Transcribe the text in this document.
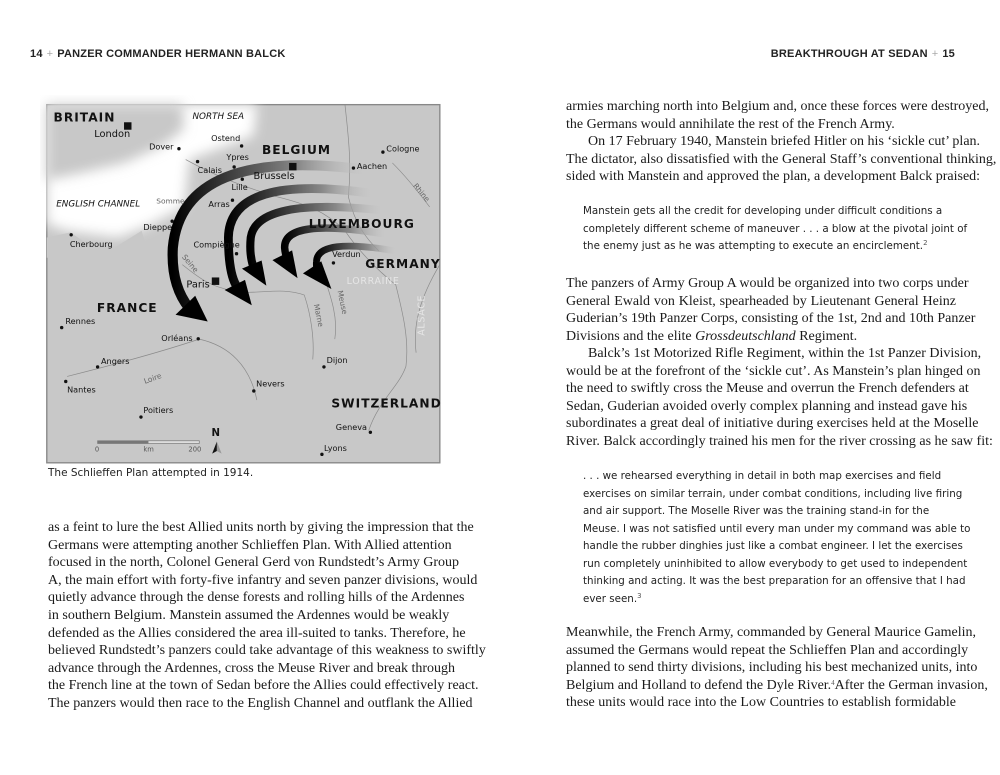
14 + PANZER COMMANDER HERMANN BALCK	BREAKTHROUGH AT SEDAN + 15
BRITAIN
BELGIUM
LUXEMBOURG
GERMANY
FRANCE
SWITZERLAND
NORTH SEA
ENGLISH CHANNEL
LORRAINE
ALSACE
Somme
Seine
Marne
Meuse
Loire
Rhine
London
Brussels
Paris
Ostend
Dover
Ypres
Calais
Lille
Arras
Cologne
Aachen
Dieppe
Cherbourg	Compiègne
Verdun
Rennes
Orléans
Angers
Nantes
Nevers
Dijon
Poitiers
Geneva
Lyons
0 km 200
N
The Schlieffen Plan attempted in 1914.
as a feint to lure the best Allied units north by giving the impression that the
Germans were attempting another Schlieffen Plan. With Allied attention
focused in the north, Colonel General Gerd von Rundstedt’s Army Group
A, the main effort with forty-five infantry and seven panzer divisions, would
quietly advance through the dense forests and rolling hills of the Ardennes
in southern Belgium. Manstein assumed the Ardennes would be weakly
defended as the Allies considered the area ill-suited to tanks. Therefore, he
believed Rundstedt’s panzers could take advantage of this weakness to swiftly
advance through the Ardennes, cross the Meuse River and break through
the French line at the town of Sedan before the Allies could effectively react.
The panzers would then race to the English Channel and outflank the Allied
armies marching north into Belgium and, once these forces were destroyed,
the Germans would annihilate the rest of the French Army.
On 17 February 1940, Manstein briefed Hitler on his ‘sickle cut’ plan.
The dictator, also dissatisfied with the General Staff’s conventional thinking,
sided with Manstein and approved the plan, a development Balck praised:
Manstein gets all the credit for developing under difficult conditions a
completely different scheme of maneuver . . . a blow at the pivotal joint of
the enemy just as he was attempting to execute an encirclement.$^2$
The panzers of Army Group A would be organized into two corps under
General Ewald von Kleist, spearheaded by Lieutenant General Heinz
Guderian’s 19th Panzer Corps, consisting of the 1st, 2nd and 10th Panzer
Divisions and the elite Grossdeutschland Regiment.
Balck’s 1st Motorized Rifle Regiment, within the 1st Panzer Division,
would be at the forefront of the ‘sickle cut’. As Manstein’s plan hinged on
the need to swiftly cross the Meuse and overrun the French defenders at
Sedan, Guderian avoided overly complex planning and instead gave his
subordinates a great deal of initiative during exercises held at the Moselle
River. Balck accordingly trained his men for the river crossing as he saw fit:
. . . we rehearsed everything in detail in both map exercises and field
exercises on similar terrain, under combat conditions, including live firing
and air support. The Moselle River was the training stand-in for the
Meuse. I was not satisfied until every man under my command was able to
handle the rubber dinghies just like a combat engineer. I let the exercises
run completely uninhibited to allow everybody to get used to independent
thinking and acting. It was the best preparation for an offensive that I had
ever seen.$^3$
Meanwhile, the French Army, commanded by General Maurice Gamelin,
assumed the Germans would repeat the Schlieffen Plan and accordingly
planned to send thirty divisions, including his best mechanized units, into
Belgium and Holland to defend the Dyle River.$^4$After the German invasion,
these units would race into the Low Countries to establish formidable
